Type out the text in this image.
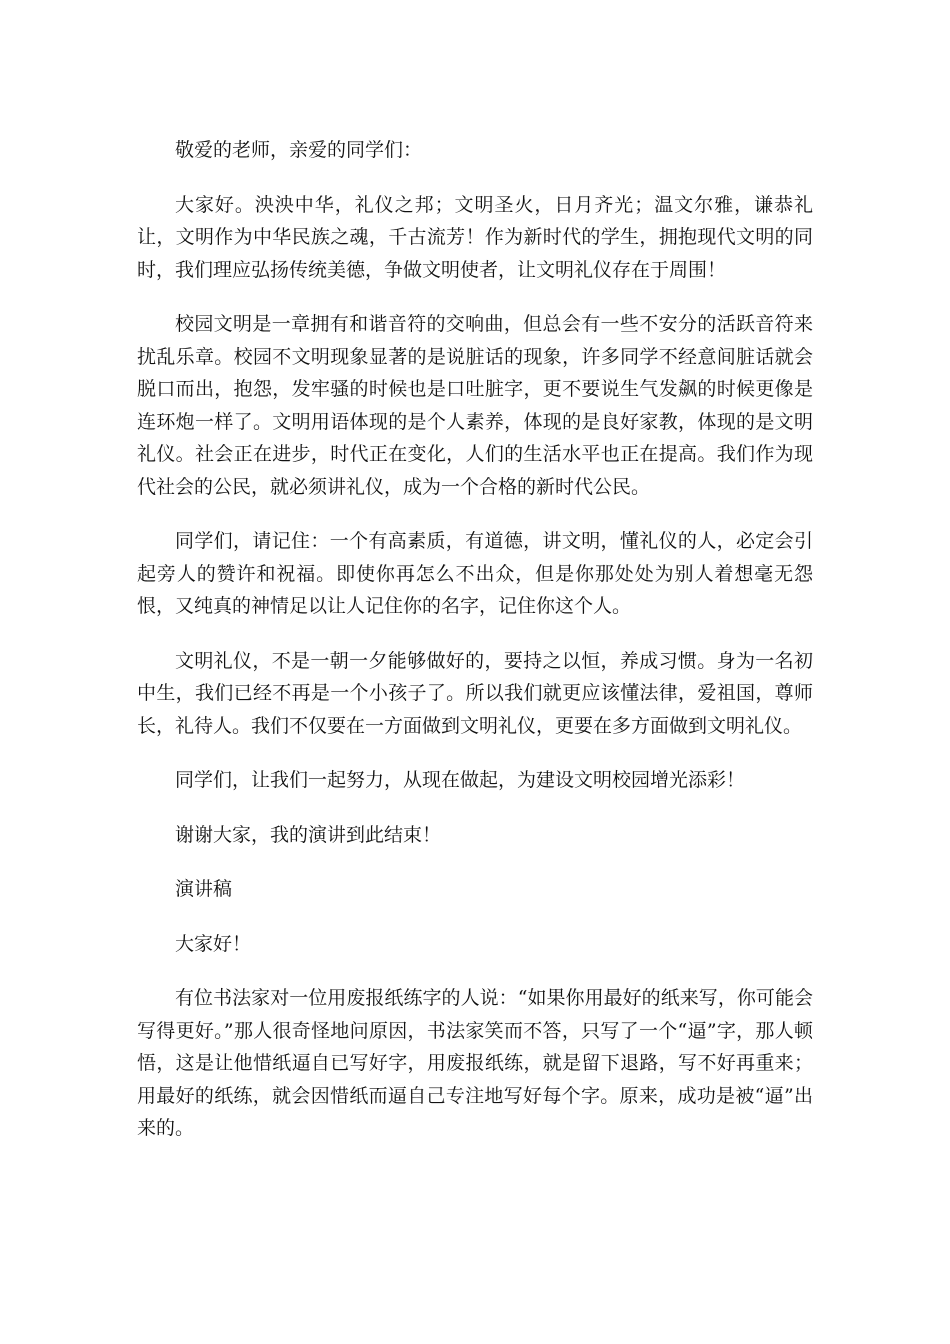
敬爱的老师，亲爱的同学们：

大家好。泱泱中华，礼仪之邦；文明圣火，日月齐光；温文尔雅，谦恭礼让，文明作为中华民族之魂，千古流芳！作为新时代的学生，拥抱现代文明的同时，我们理应弘扬传统美德，争做文明使者，让文明礼仪存在于周围！

校园文明是一章拥有和谐音符的交响曲，但总会有一些不安分的活跃音符来扰乱乐章。校园不文明现象显著的是说脏话的现象，许多同学不经意间脏话就会脱口而出，抱怨，发牢骚的时候也是口吐脏字，更不要说生气发飙的时候更像是连环炮一样了。文明用语体现的是个人素养，体现的是良好家教，体现的是文明礼仪。社会正在进步，时代正在变化，人们的生活水平也正在提高。我们作为现代社会的公民，就必须讲礼仪，成为一个合格的新时代公民。

同学们，请记住：一个有高素质，有道德，讲文明，懂礼仪的人，必定会引起旁人的赞许和祝福。即使你再怎么不出众，但是你那处处为别人着想毫无怨恨，又纯真的神情足以让人记住你的名字，记住你这个人。

文明礼仪，不是一朝一夕能够做好的，要持之以恒，养成习惯。身为一名初中生，我们已经不再是一个小孩子了。所以我们就更应该懂法律，爱祖国，尊师长，礼待人。我们不仅要在一方面做到文明礼仪，更要在多方面做到文明礼仪。

同学们，让我们一起努力，从现在做起，为建设文明校园增光添彩！

谢谢大家，我的演讲到此结束！

演讲稿

大家好！

有位书法家对一位用废报纸练字的人说：“如果你用最好的纸来写，你可能会写得更好。”那人很奇怪地问原因，书法家笑而不答，只写了一个“逼”字，那人顿悟，这是让他惜纸逼自已写好字，用废报纸练，就是留下退路，写不好再重来；用最好的纸练，就会因惜纸而逼自己专注地写好每个字。原来，成功是被“逼”出来的。
